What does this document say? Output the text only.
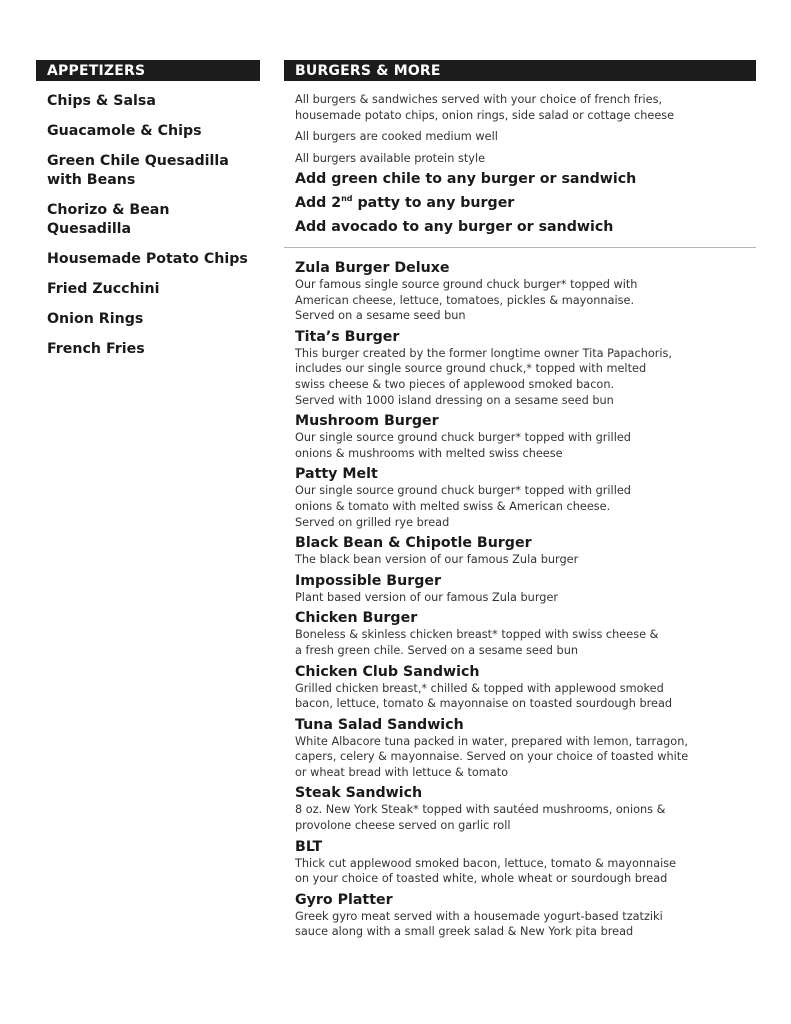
APPETIZERS
Chips & Salsa
Guacamole & Chips
Green Chile Quesadilla
with Beans
Chorizo & Bean
Quesadilla
Housemade Potato Chips
Fried Zucchini
Onion Rings
French Fries
BURGERS & MORE
All burgers & sandwiches served with your choice of french fries,
housemade potato chips, onion rings, side salad or cottage cheese
All burgers are cooked medium well
All burgers available protein style
Add green chile to any burger or sandwich
Add 2nd patty to any burger
Add avocado to any burger or sandwich
Zula Burger Deluxe
Our famous single source ground chuck burger* topped with
American cheese, lettuce, tomatoes, pickles & mayonnaise.
Served on a sesame seed bun
Tita’s Burger
This burger created by the former longtime owner Tita Papachoris,
includes our single source ground chuck,* topped with melted
swiss cheese & two pieces of applewood smoked bacon.
Served with 1000 island dressing on a sesame seed bun
Mushroom Burger
Our single source ground chuck burger* topped with grilled
onions & mushrooms with melted swiss cheese
Patty Melt
Our single source ground chuck burger* topped with grilled
onions & tomato with melted swiss & American cheese.
Served on grilled rye bread
Black Bean & Chipotle Burger
The black bean version of our famous Zula burger
Impossible Burger
Plant based version of our famous Zula burger
Chicken Burger
Boneless & skinless chicken breast* topped with swiss cheese &
a fresh green chile. Served on a sesame seed bun
Chicken Club Sandwich
Grilled chicken breast,* chilled & topped with applewood smoked
bacon, lettuce, tomato & mayonnaise on toasted sourdough bread
Tuna Salad Sandwich
White Albacore tuna packed in water, prepared with lemon, tarragon,
capers, celery & mayonnaise. Served on your choice of toasted white
or wheat bread with lettuce & tomato
Steak Sandwich
8 oz. New York Steak* topped with sautéed mushrooms, onions &
provolone cheese served on garlic roll
BLT
Thick cut applewood smoked bacon, lettuce, tomato & mayonnaise
on your choice of toasted white, whole wheat or sourdough bread
Gyro Platter
Greek gyro meat served with a housemade yogurt-based tzatziki
sauce along with a small greek salad & New York pita bread
